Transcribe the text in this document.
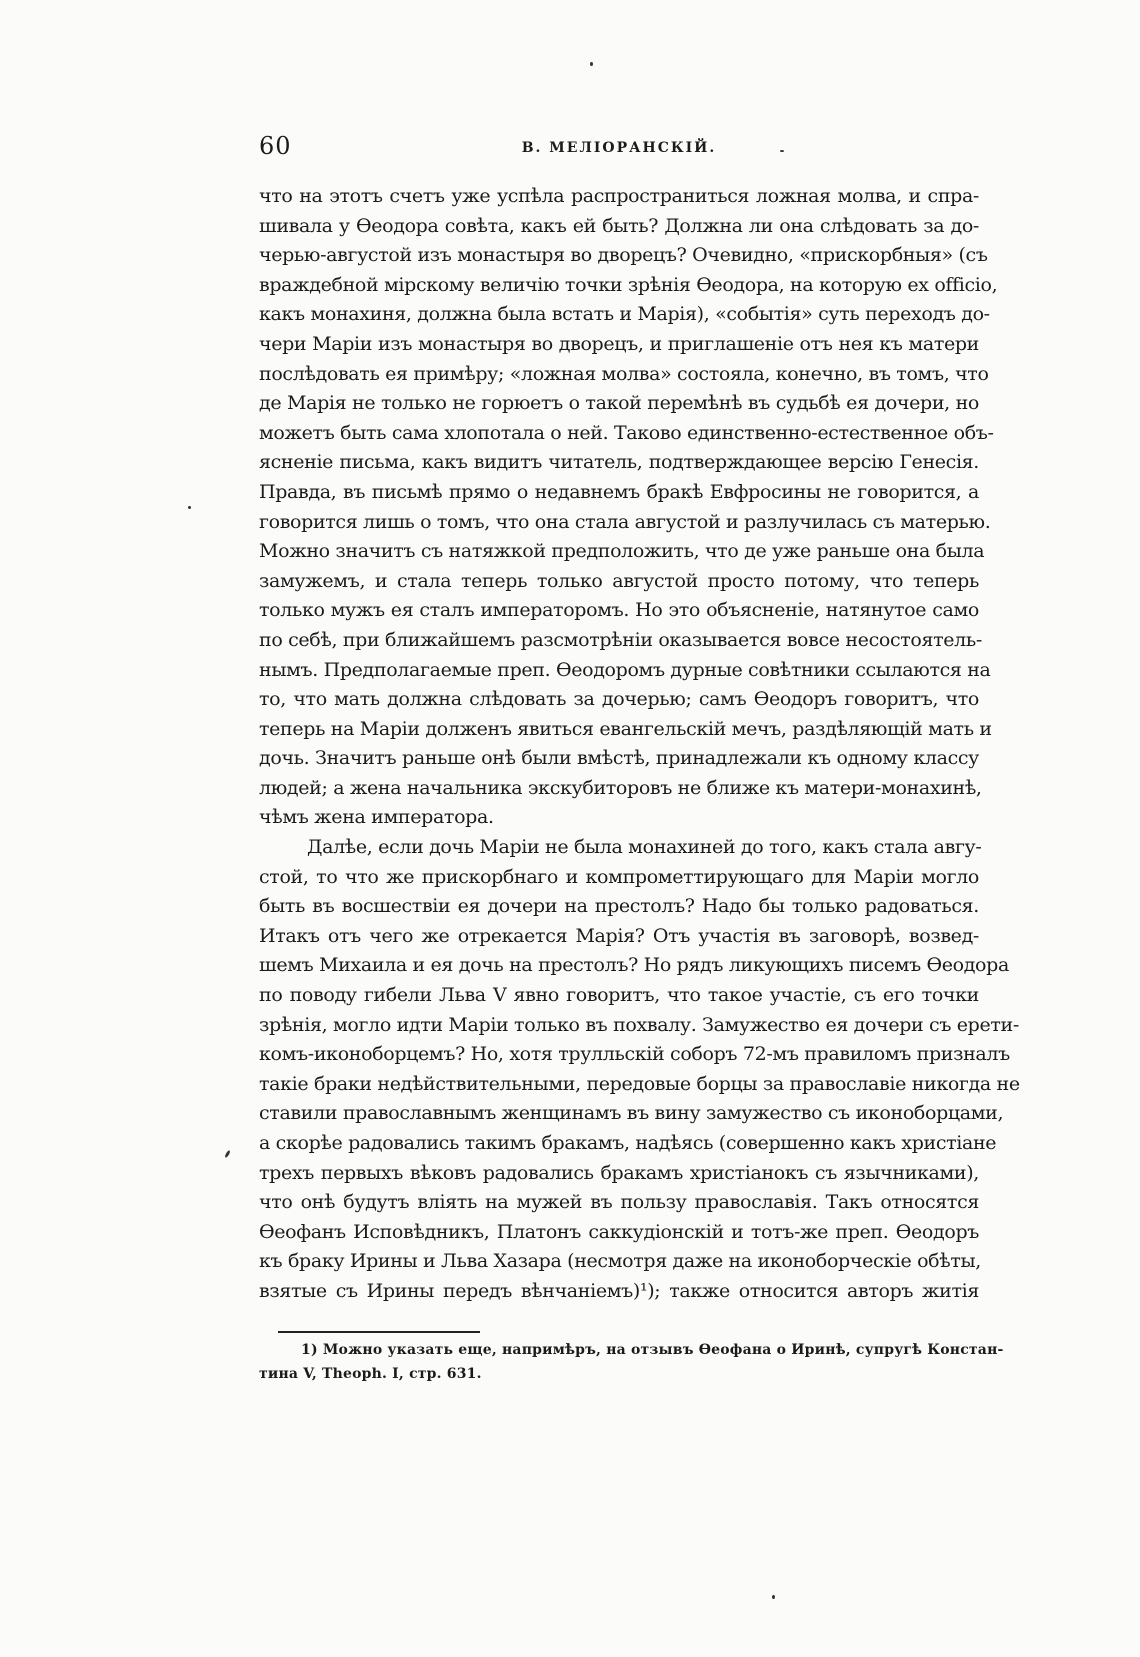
60	В. МЕЛІОРАНСКІЙ.
что на этотъ счетъ уже успѣла распространиться ложная молва, и спра-
шивала у Ѳеодора совѣта, какъ ей быть? Должна ли она слѣдовать за до-
черью-августой изъ монастыря во дворецъ? Очевидно, «прискорбныя» (съ
враждебной мірскому величію точки зрѣнія Ѳеодора, на которую ex officio,
какъ монахиня, должна была встать и Марія), «событія» суть переходъ до-
чери Маріи изъ монастыря во дворецъ, и приглашеніе отъ нея къ матери
послѣдовать ея примѣру; «ложная молва» состояла, конечно, въ томъ, что
де Марія не только не горюетъ о такой перемѣнѣ въ судьбѣ ея дочери, но
можетъ быть сама хлопотала о ней. Таково единственно-естественное объ-
ясненіе письма, какъ видитъ читатель, подтверждающее версію Генесія.
Правда, въ письмѣ прямо о недавнемъ бракѣ Евфросины не говорится, а
говорится лишь о томъ, что она стала августой и разлучилась съ матерью.
Можно значитъ съ натяжкой предположить, что де уже раньше она была
замужемъ, и стала теперь только августой просто потому, что теперь
только мужъ ея сталъ императоромъ. Но это объясненіе, натянутое само
по себѣ, при ближайшемъ разсмотрѣніи оказывается вовсе несостоятель-
нымъ. Предполагаемые преп. Ѳеодоромъ дурные совѣтники ссылаются на
то, что мать должна слѣдовать за дочерью; самъ Ѳеодоръ говоритъ, что
теперь на Маріи долженъ явиться евангельскій мечъ, раздѣляющій мать и
дочь. Значитъ раньше онѣ были вмѣстѣ, принадлежали къ одному классу
людей; а жена начальника экскубиторовъ не ближе къ матери-монахинѣ,
чѣмъ жена императора.
Далѣе, если дочь Маріи не была монахиней до того, какъ стала авгу-
стой, то что же прискорбнаго и компрометтирующаго для Маріи могло
быть въ восшествіи ея дочери на престолъ? Надо бы только радоваться.
Итакъ отъ чего же отрекается Марія? Отъ участія въ заговорѣ, возвед-
шемъ Михаила и ея дочь на престолъ? Но рядъ ликующихъ писемъ Ѳеодора
по поводу гибели Льва V явно говоритъ, что такое участіе, съ его точки
зрѣнія, могло идти Маріи только въ похвалу. Замужество ея дочери съ ерети-
комъ-иконоборцемъ? Но, хотя трулльскій соборъ 72-мъ правиломъ призналъ
такіе браки недѣйствительными, передовые борцы за православіе никогда не
ставили православнымъ женщинамъ въ вину замужество съ иконоборцами,
а скорѣе радовались такимъ бракамъ, надѣясь (совершенно какъ христіане
трехъ первыхъ вѣковъ радовались бракамъ христіанокъ съ язычниками),
что онѣ будутъ вліять на мужей въ пользу православія. Такъ относятся
Ѳеофанъ Исповѣдникъ, Платонъ саккудіонскій и тотъ-же преп. Ѳеодоръ
къ браку Ирины и Льва Хазара (несмотря даже на иконоборческіе обѣты,
взятые съ Ирины передъ вѣнчаніемъ)¹); также относится авторъ житія
1) Можно указать еще, напримѣръ, на отзывъ Ѳеофана о Иринѣ, супругѣ Констан-
тина V, Theoph. I, стр. 631.
